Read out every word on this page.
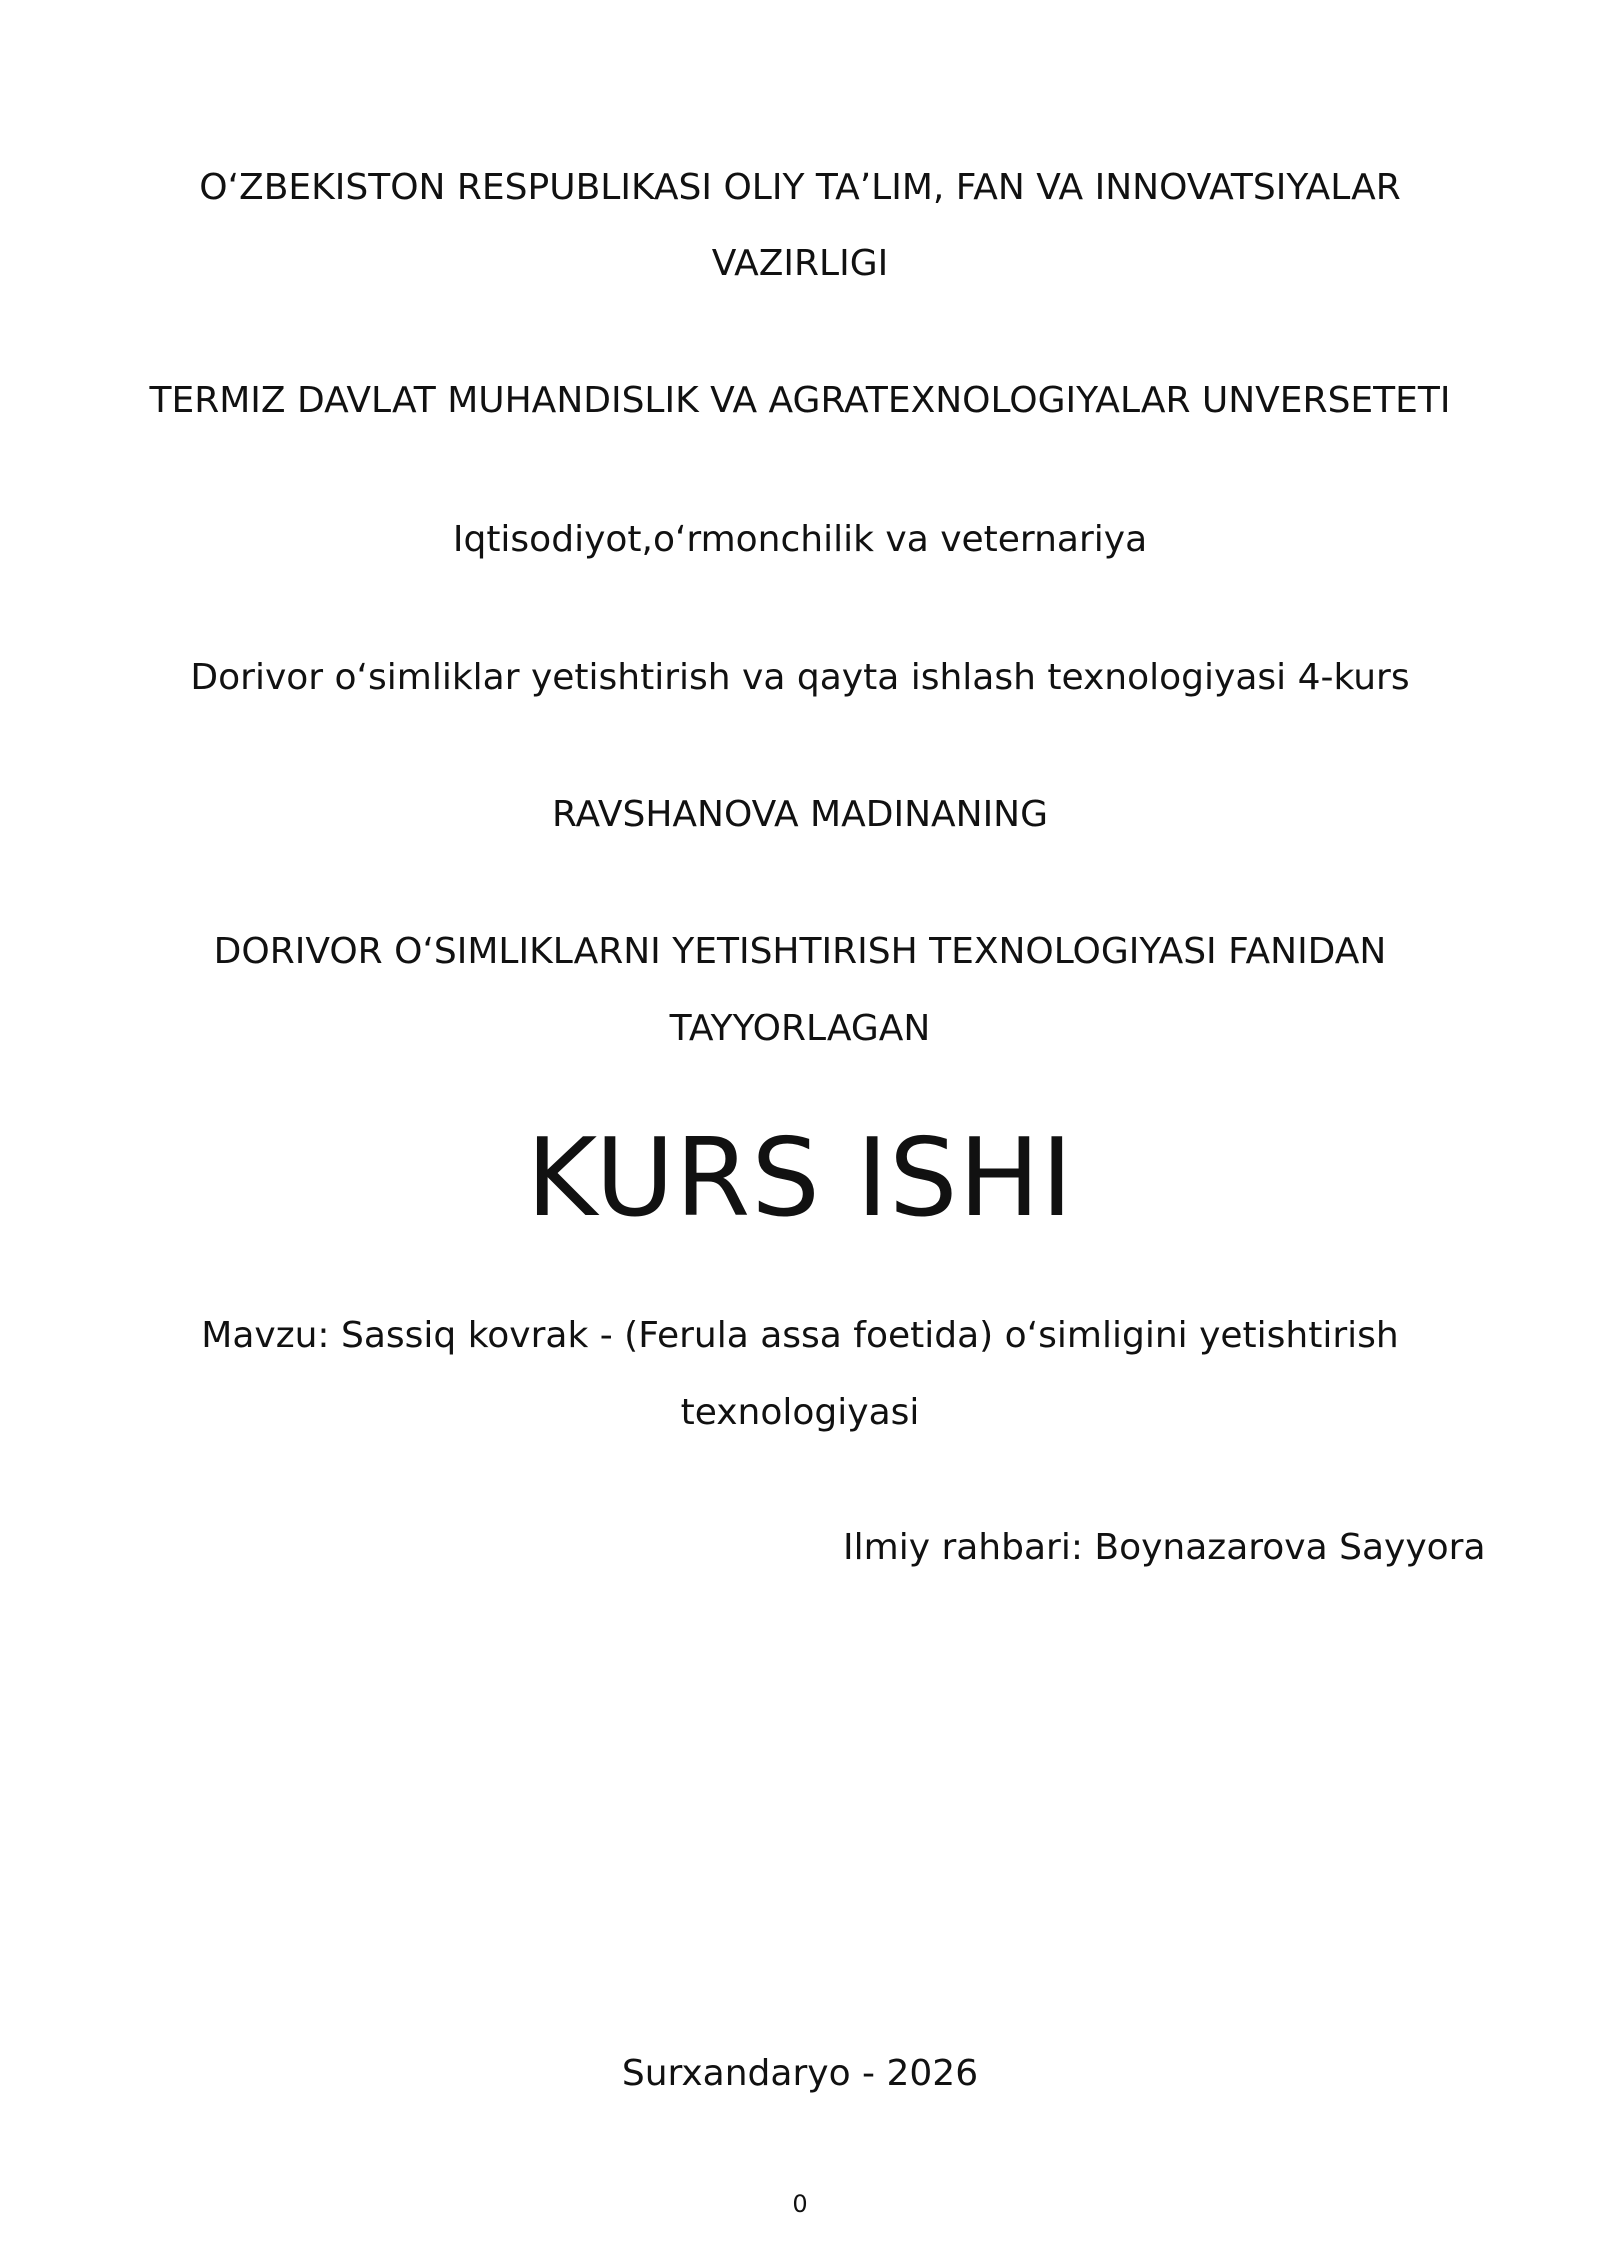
O‘ZBEKISTON RESPUBLIKASI OLIY TA’LIM, FAN VA INNOVATSIYALAR
VAZIRLIGI
TERMIZ DAVLAT MUHANDISLIK VA AGRATEXNOLOGIYALAR UNVERSETETI
Iqtisodiyot,o‘rmonchilik va veternariya
Dorivor o‘simliklar yetishtirish va qayta ishlash texnologiyasi 4-kurs
RAVSHANOVA MADINANING
DORIVOR O‘SIMLIKLARNI YETISHTIRISH TEXNOLOGIYASI FANIDAN
TAYYORLAGAN
KURS ISHI
Mavzu: Sassiq kovrak - (Ferula assa foetida) o‘simligini yetishtirish
texnologiyasi
Ilmiy rahbari: Boynazarova Sayyora
Surxandaryo - 2026
0
